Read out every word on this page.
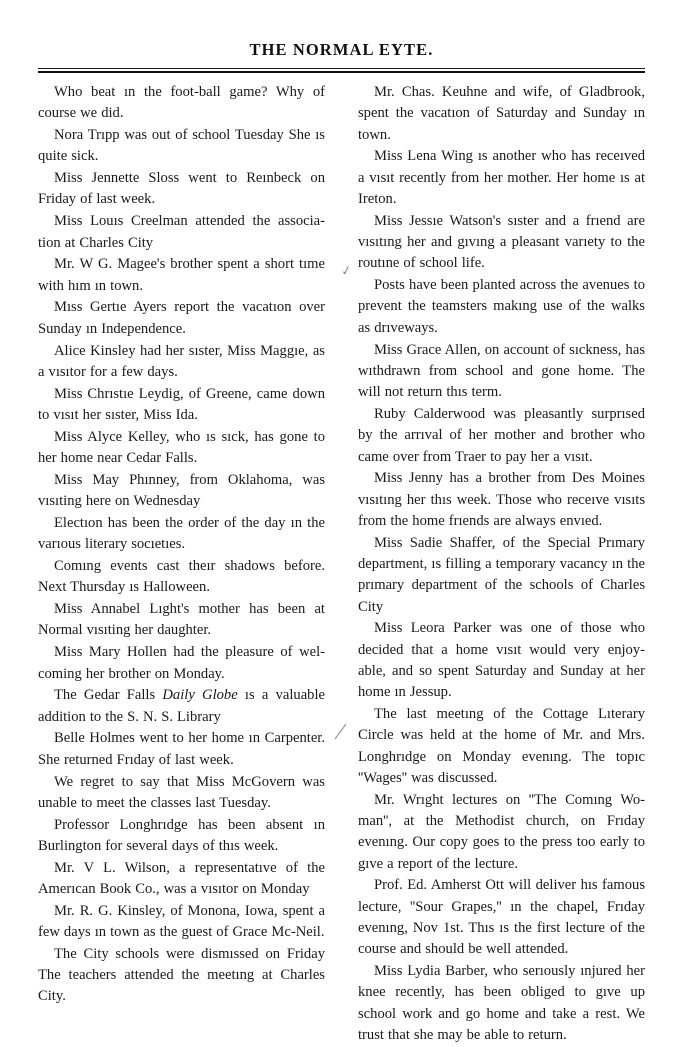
THE NORMAL EYTE.

Who beat ın the foot-ball game? Why of course we did.

Nora Trıpp was out of school Tuesday She ıs quite sick.

Miss Jennette Sloss went to Reınbeck on Friday of last week.

Miss Louıs Creelman attended the associa-tion at Charles City

Mr. W G. Magee's brother spent a short tıme with hım ın town.

Mıss Gertıe Ayers report the vacatıon over Sunday ın Independence.

Alice Kinsley had her sıster, Miss Maggıe, as a vısıtor for a few days.

Miss Chrıstıe Leydig, of Greene, came down to vısıt her sıster, Miss Ida.

Miss Alyce Kelley, who ıs sıck, has gone to her home near Cedar Falls.

Miss May Phınney, from Oklahoma, was vısıting here on Wednesday

Electıon has been the order of the day ın the varıous literary socıetıes.

Comıng events cast theır shadows before. Next Thursday ıs Halloween.

Miss Annabel Lıght's mother has been at Normal vısıting her daughter.

Miss Mary Hollen had the pleasure of wel-coming her brother on Monday.

The Gedar Falls Daily Globe ıs a valuable addition to the S. N. S. Library

Belle Holmes went to her home ın Carpenter. She returned Frıday of last week.

We regret to say that Miss McGovern was unable to meet the classes last Tuesday.

Professor Longhrıdge has been absent ın Burlington for several days of thıs week.

Mr. V L. Wilson, a representatıve of the Amerıcan Book Co., was a vısıtor on Monday

Mr. R. G. Kinsley, of Monona, Iowa, spent a few days ın town as the guest of Grace Mc-Neil.

The City schools were dismıssed on Friday The teachers attended the meetıng at Charles City.

Mr. Chas. Keuhne and wife, of Gladbrook, spent the vacatıon of Saturday and Sunday ın town.

Miss Lena Wing ıs another who has receıved a vısıt recently from her mother. Her home ıs at Ireton.

Miss Jessıe Watson's sıster and a frıend are vısıtıng her and gıvıng a pleasant varıety to the routıne of school life.

Posts have been planted across the avenues to prevent the teamsters makıng use of the walks as drıveways.

Miss Grace Allen, on account of sıckness, has wıthdrawn from school and gone home. The will not return thıs term.

Ruby Calderwood was pleasantly surprısed by the arrıval of her mother and brother who came over from Traer to pay her a vısıt.

Miss Jenny has a brother from Des Moines vısıtıng her thıs week. Those who receıve vısıts from the home frıends are always envıed.

Miss Sadie Shaffer, of the Special Prımary department, ıs filling a temporary vacancy ın the prımary department of the schools of Charles City

Miss Leora Parker was one of those who decided that a home vısıt would very enjoy-able, and so spent Saturday and Sunday at her home ın Jessup.

The last meetıng of the Cottage Lıterary Circle was held at the home of Mr. and Mrs. Longhrıdge on Monday evenıng. The topıc ''Wages'' was discussed.

Mr. Wrıght lectures on ''The Comıng Wo-man'', at the Methodist church, on Frıday evenıng. Our copy goes to the press too early to gıve a report of the lecture.

Prof. Ed. Amherst Ott will deliver hıs famous lecture, ''Sour Grapes,'' ın the chapel, Frıday evenıng, Nov 1st. Thıs ıs the first lecture of the course and should be well attended.

Miss Lydia Barber, who serıously ınjured her knee recently, has been obliged to gıve up school work and go home and take a rest. We trust that she may be able to return.

✓
